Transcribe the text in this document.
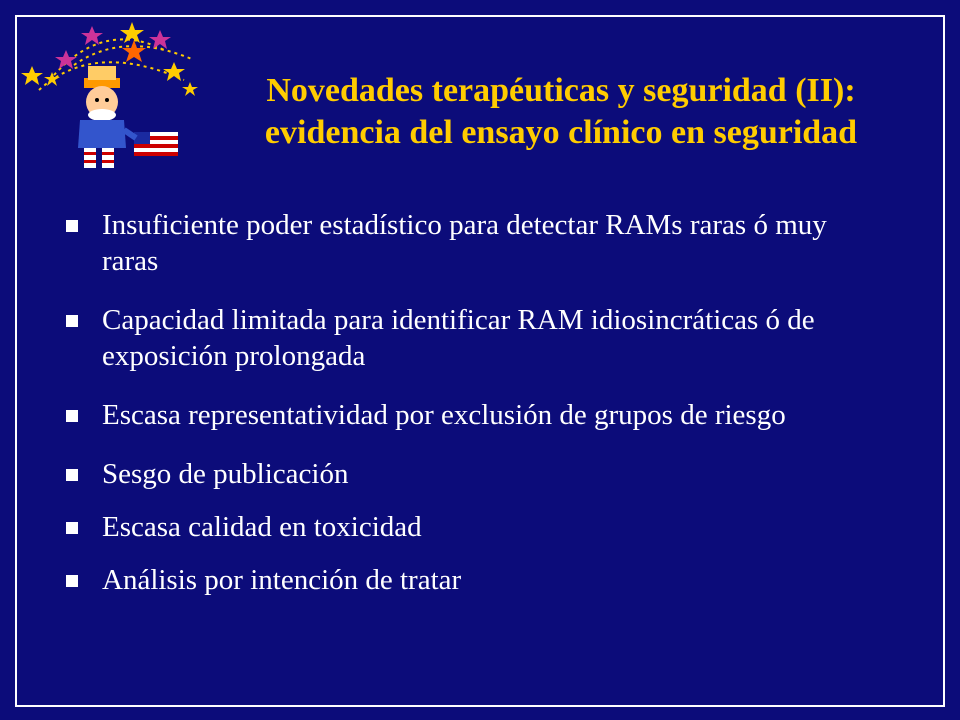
Novedades terapéuticas y seguridad (II):
evidencia del ensayo clínico en seguridad
Insuficiente poder estadístico para detectar RAMs raras ó muy raras
Capacidad limitada para identificar RAM idiosincráticas ó de exposición prolongada
Escasa representatividad por exclusión de grupos de riesgo
Sesgo de publicación
Escasa calidad en toxicidad
Análisis por intención de tratar
